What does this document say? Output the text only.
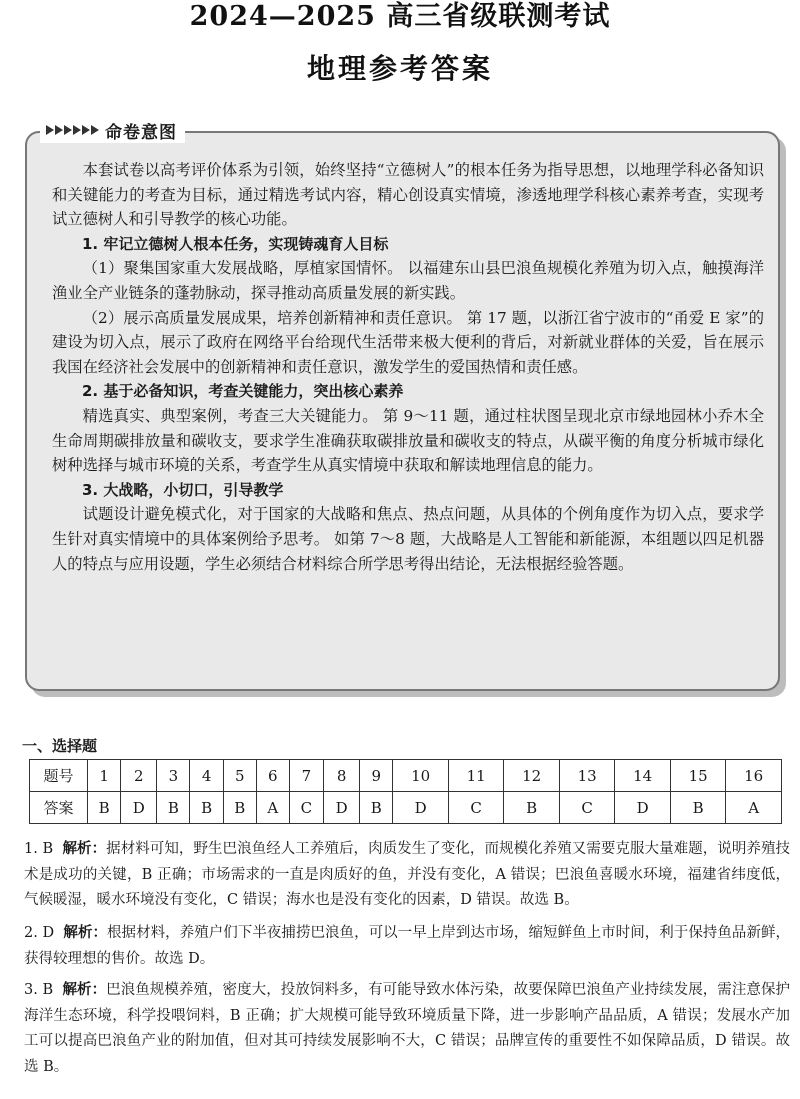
2024—2025 高三省级联测考试
地理参考答案
命卷意图

本套试卷以高考评价体系为引领，始终坚持“立德树人”的根本任务为指导思想，以地理学科必备知识和关键能力的考查为目标，通过精选考试内容，精心创设真实情境，渗透地理学科核心素养考查，实现考试立德树人和引导教学的核心功能。

1. 牢记立德树人根本任务，实现铸魂育人目标

（1）聚集国家重大发展战略，厚植家国情怀。 以福建东山县巴浪鱼规模化养殖为切入点，触摸海洋渔业全产业链条的蓬勃脉动，探寻推动高质量发展的新实践。

（2）展示高质量发展成果，培养创新精神和责任意识。 第 17 题，以浙江省宁波市的“甬爱 E 家”的建设为切入点，展示了政府在网络平台给现代生活带来极大便利的背后，对新就业群体的关爱，旨在展示我国在经济社会发展中的创新精神和责任意识，激发学生的爱国热情和责任感。

2. 基于必备知识，考查关键能力，突出核心素养

精选真实、典型案例，考查三大关键能力。 第 9～11 题，通过柱状图呈现北京市绿地园林小乔木全生命周期碳排放量和碳收支，要求学生准确获取碳排放量和碳收支的特点，从碳平衡的角度分析城市绿化树种选择与城市环境的关系，考查学生从真实情境中获取和解读地理信息的能力。

3. 大战略，小切口，引导教学

试题设计避免模式化，对于国家的大战略和焦点、热点问题，从具体的个例角度作为切入点，要求学生针对真实情境中的具体案例给予思考。 如第 7～8 题，大战略是人工智能和新能源，本组题以四足机器人的特点与应用设题，学生必须结合材料综合所学思考得出结论，无法根据经验答题。

一、选择题
题号	1	2	3	4	5	6	7	8	9	10	11	12	13	14	15	16
答案	B	D	B	B	B	A	C	D	B	D	C	B	C	D	B	A
1. B 解析：据材料可知，野生巴浪鱼经人工养殖后，肉质发生了变化，而规模化养殖又需要克服大量难题，说明养殖技术是成功的关键，B 正确；市场需求的一直是肉质好的鱼，并没有变化，A 错误；巴浪鱼喜暖水环境，福建省纬度低，气候暖湿，暖水环境没有变化，C 错误；海水也是没有变化的因素，D 错误。故选 B。
2. D 解析：根据材料，养殖户们下半夜捕捞巴浪鱼，可以一早上岸到达市场，缩短鲜鱼上市时间，利于保持鱼品新鲜，获得较理想的售价。故选 D。
3. B 解析：巴浪鱼规模养殖，密度大，投放饲料多，有可能导致水体污染，故要保障巴浪鱼产业持续发展，需注意保护海洋生态环境，科学投喂饲料，B 正确；扩大规模可能导致环境质量下降，进一步影响产品品质，A 错误；发展水产加工可以提高巴浪鱼产业的附加值，但对其可持续发展影响不大，C 错误；品牌宣传的重要性不如保障品质，D 错误。故选 B。
